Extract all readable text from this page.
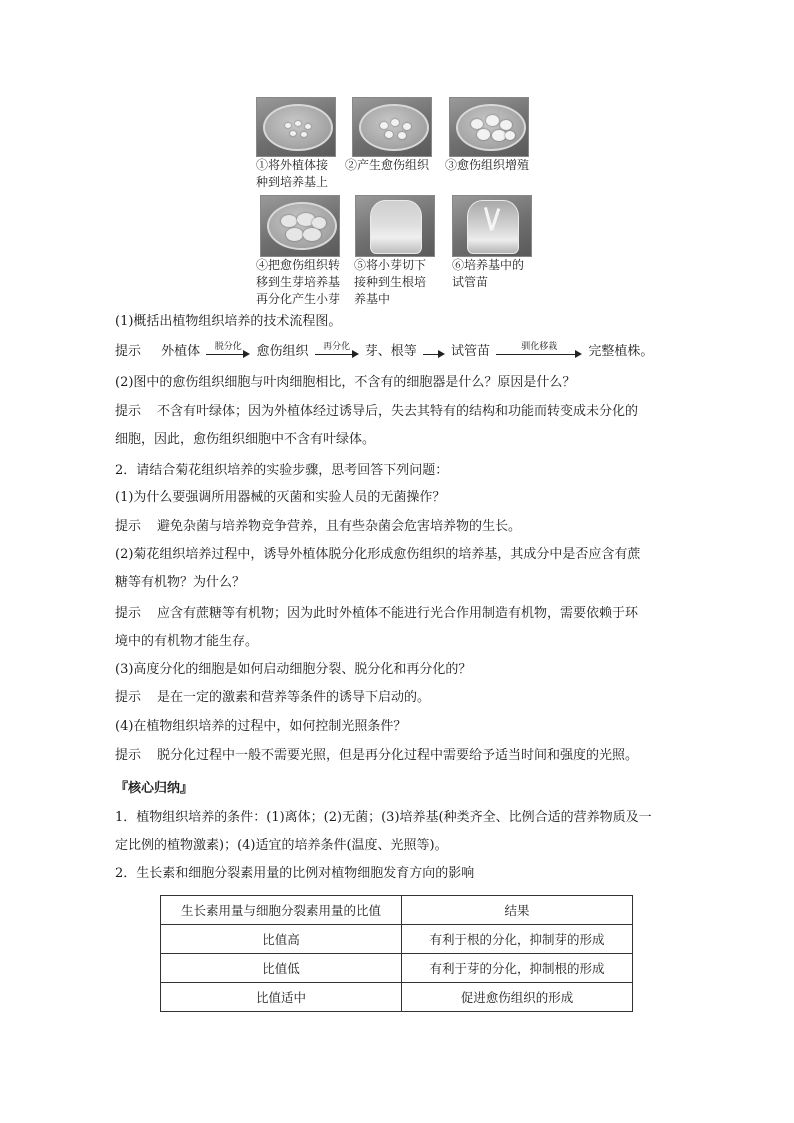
①将外植体接
种到培养基上
②产生愈伤组织 ③愈伤组织增殖
④把愈伤组织转
移到生芽培养基
再分化产生小芽
⑤将小芽切下
接种到生根培
养基中
⑥培养基中的
试管苗
(1)概括出植物组织培养的技术流程图。
提示 外植体	脱分化	愈伤组织	再分化	芽、根等	试管苗	驯化移栽	完整植株。
(2)图中的愈伤组织细胞与叶肉细胞相比，不含有的细胞器是什么？原因是什么？
提示 不含有叶绿体；因为外植体经过诱导后，失去其特有的结构和功能而转变成未分化的
细胞，因此，愈伤组织细胞中不含有叶绿体。
2．请结合菊花组织培养的实验步骤，思考回答下列问题：
(1)为什么要强调所用器械的灭菌和实验人员的无菌操作？
提示 避免杂菌与培养物竞争营养，且有些杂菌会危害培养物的生长。
(2)菊花组织培养过程中，诱导外植体脱分化形成愈伤组织的培养基，其成分中是否应含有蔗
糖等有机物？为什么？
提示 应含有蔗糖等有机物；因为此时外植体不能进行光合作用制造有机物，需要依赖于环
境中的有机物才能生存。
(3)高度分化的细胞是如何启动细胞分裂、脱分化和再分化的？
提示 是在一定的激素和营养等条件的诱导下启动的。
(4)在植物组织培养的过程中，如何控制光照条件？
提示 脱分化过程中一般不需要光照，但是再分化过程中需要给予适当时间和强度的光照。
『核心归纳』
1．植物组织培养的条件：(1)离体；(2)无菌；(3)培养基(种类齐全、比例合适的营养物质及一
定比例的植物激素)；(4)适宜的培养条件(温度、光照等)。
2．生长素和细胞分裂素用量的比例对植物细胞发育方向的影响
生长素用量与细胞分裂素用量的比值	结果
比值高	有利于根的分化，抑制芽的形成
比值低	有利于芽的分化，抑制根的形成
比值适中	促进愈伤组织的形成
